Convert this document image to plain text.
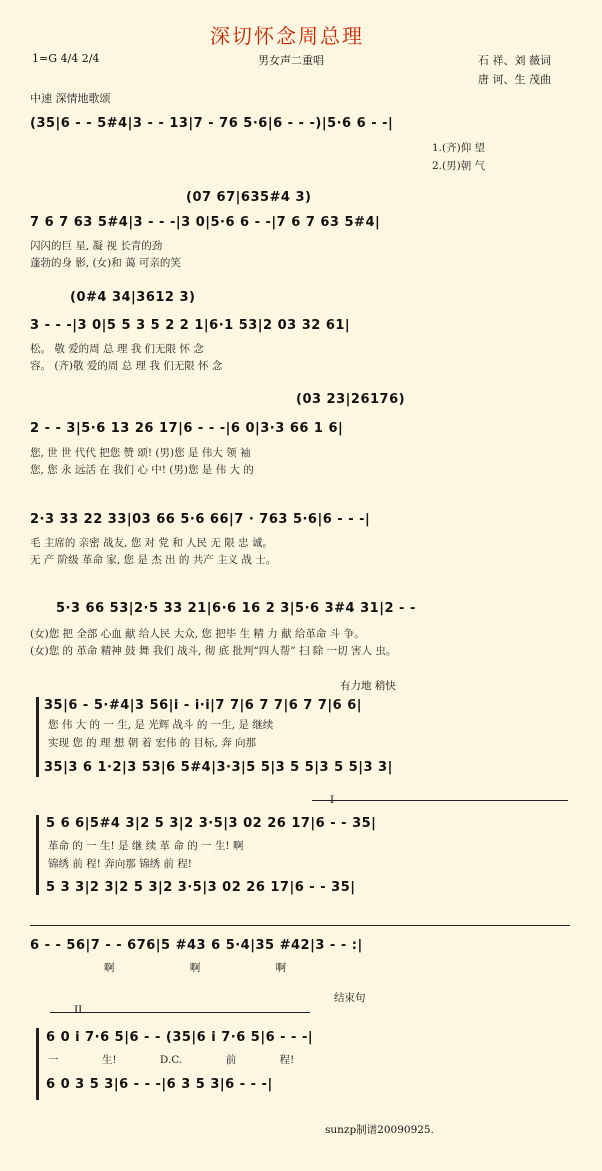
深切怀念周总理
1=G 4/4 2/4	男女声二重唱	石 祥、刘 薇词
唐 诃、生 茂曲
中速 深情地歌颂
(35|6 - - 5#4|3 - - 13|7 - 76 5·6|6 - - -)|5·6 6 - -|
1.(齐)仰 望
2.(男)朝 气
(07 67|635#4 3)
7 6 7 63 5#4|3 - - -|3 0|5·6 6 - -|7 6 7 63 5#4|
闪闪的巨 星, 凝 视 长青的劲
蓬勃的身 影, (女)和 蔼 可亲的笑
(0#4 34|3612 3)
3 - - -|3 0|5 5 3 5 2 2 1|6·1 53|2 03 32 61|
松。 敬 爱的周 总 理 我 们无限 怀 念
容。 (齐)敬 爱的周 总 理 我 们无限 怀 念
(03 23|26176)
2 - - 3|5·6 13 26 17|6 - - -|6 0|3·3 66 1 6|
您, 世 世 代代 把您 赞 颂! (男)您 是 伟大 领 袖
您, 您 永 远活 在 我们 心 中! (男)您 是 伟 大 的
2·3 33 22 33|03 66 5·6 66|7 · 763 5·6|6 - - -|
毛 主席的 亲密 战友, 您 对 党 和 人民 无 限 忠 诚。
无 产 阶级 革命 家, 您 是 杰 出 的 共产 主义 战 士。
5·3 66 53|2·5 33 21|6·6 16 2 3|5·6 3#4 31|2 - -
(女)您 把 全部 心血 献 给人民 大众, 您 把毕 生 精 力 献 给革命 斗 争。
(女)您 的 革命 精神 鼓 舞 我们 战斗, 彻 底 批判“四人帮” 扫 除 一切 害人 虫。
有力地 稍快
35|6 - 5·#4|3 56|i - i·i|7 7|6 7 7|6 7 7|6 6|
您 伟 大 的 一 生, 是 光辉 战斗 的 一生, 是 继续
实现 您 的 理 想 朝 着 宏伟 的 目标, 奔 向那
35|3 6 1·2|3 53|6 5#4|3·3|5 5|3 5 5|3 5 5|3 3|
I
5 6 6|5#4 3|2 5 3|2 3·5|3 02 26 17|6 - - 35|
革命 的 一 生! 是 继 续 革 命 的 一 生! 啊
锦绣 前 程! 奔向那 锦绣 前 程!
5 3 3|2 3|2 5 3|2 3·5|3 02 26 17|6 - - 35|
6 - - 56|7 - - 676|5 #43 6 5·4|35 #42|3 - - :|
啊 啊 啊
结束句
II
6 0 i 7·6 5|6 - - (35|6 i 7·6 5|6 - - -|
一 生! D.C. 前 程!
6 0 3 5 3|6 - - -|6 3 5 3|6 - - -|
sunzp制谱20090925.
